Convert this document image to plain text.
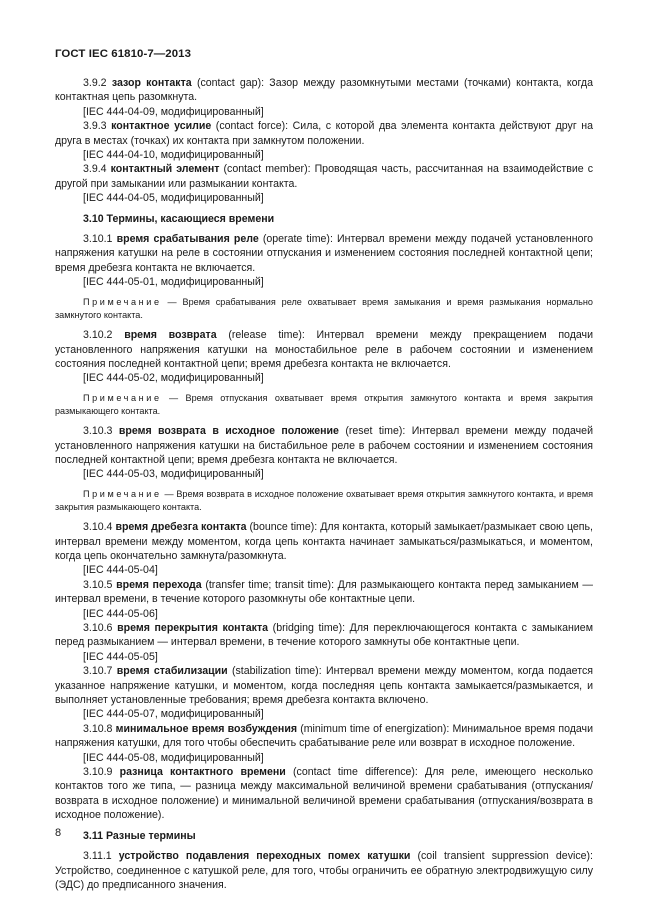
ГОСТ IEC 61810-7—2013

3.9.2 зазор контакта (contact gap): Зазор между разомкнутыми местами (точками) контакта, когда контактная цепь разомкнута.

[IEC 444-04-09, модифицированный]

3.9.3 контактное усилие (contact force): Сила, с которой два элемента контакта действуют друг на друга в местах (точках) их контакта при замкнутом положении.

[IEC 444-04-10, модифицированный]

3.9.4 контактный элемент (contact member): Проводящая часть, рассчитанная на взаимодействие с другой при замыкании или размыкании контакта.

[IEC 444-04-05, модифицированный]

3.10 Термины, касающиеся времени

3.10.1 время срабатывания реле (operate time): Интервал времени между подачей установленного напряжения катушки на реле в состоянии отпускания и изменением состояния последней контактной цепи; время дребезга контакта не включается.

[IEC 444-05-01, модифицированный]

Примечание — Время срабатывания реле охватывает время замыкания и время размыкания нормально замкнутого контакта.

3.10.2 время возврата (release time): Интервал времени между прекращением подачи установленного напряжения катушки на моностабильное реле в рабочем состоянии и изменением состояния последней контактной цепи; время дребезга контакта не включается.

[IEC 444-05-02, модифицированный]

Примечание — Время отпускания охватывает время открытия замкнутого контакта и время закрытия размыкающего контакта.

3.10.3 время возврата в исходное положение (reset time): Интервал времени между подачей установленного напряжения катушки на бистабильное реле в рабочем состоянии и изменением состояния последней контактной цепи; время дребезга контакта не включается.

[IEC 444-05-03, модифицированный]

Примечание — Время возврата в исходное положение охватывает время открытия замкнутого контакта, и время закрытия размыкающего контакта.

3.10.4 время дребезга контакта (bounce time): Для контакта, который замыкает/размыкает свою цепь, интервал времени между моментом, когда цепь контакта начинает замыкаться/размыкаться, и моментом, когда цепь окончательно замкнута/разомкнута.

[IEC 444-05-04]

3.10.5 время перехода (transfer time; transit time): Для размыкающего контакта перед замыканием — интервал времени, в течение которого разомкнуты обе контактные цепи.

[IEC 444-05-06]

3.10.6 время перекрытия контакта (bridging time): Для переключающегося контакта с замыканием перед размыканием — интервал времени, в течение которого замкнуты обе контактные цепи.

[IEC 444-05-05]

3.10.7 время стабилизации (stabilization time): Интервал времени между моментом, когда подается указанное напряжение катушки, и моментом, когда последняя цепь контакта замыкается/размыкается, и выполняет установленные требования; время дребезга контакта включено.

[IEC 444-05-07, модифицированный]

3.10.8 минимальное время возбуждения (minimum time of energization): Минимальное время подачи напряжения катушки, для того чтобы обеспечить срабатывание реле или возврат в исходное положение.

[IEC 444-05-08, модифицированный]

3.10.9 разница контактного времени (contact time difference): Для реле, имеющего несколько контактов того же типа, — разница между максимальной величиной времени срабатывания (отпускания/возврата в исходное положение) и минимальной величиной времени срабатывания (отпускания/возврата в исходное положение).

3.11 Разные термины

3.11.1 устройство подавления переходных помех катушки (coil transient suppression device): Устройство, соединенное с катушкой реле, для того, чтобы ограничить ее обратную электродвижущую силу (ЭДС) до предписанного значения.

8
